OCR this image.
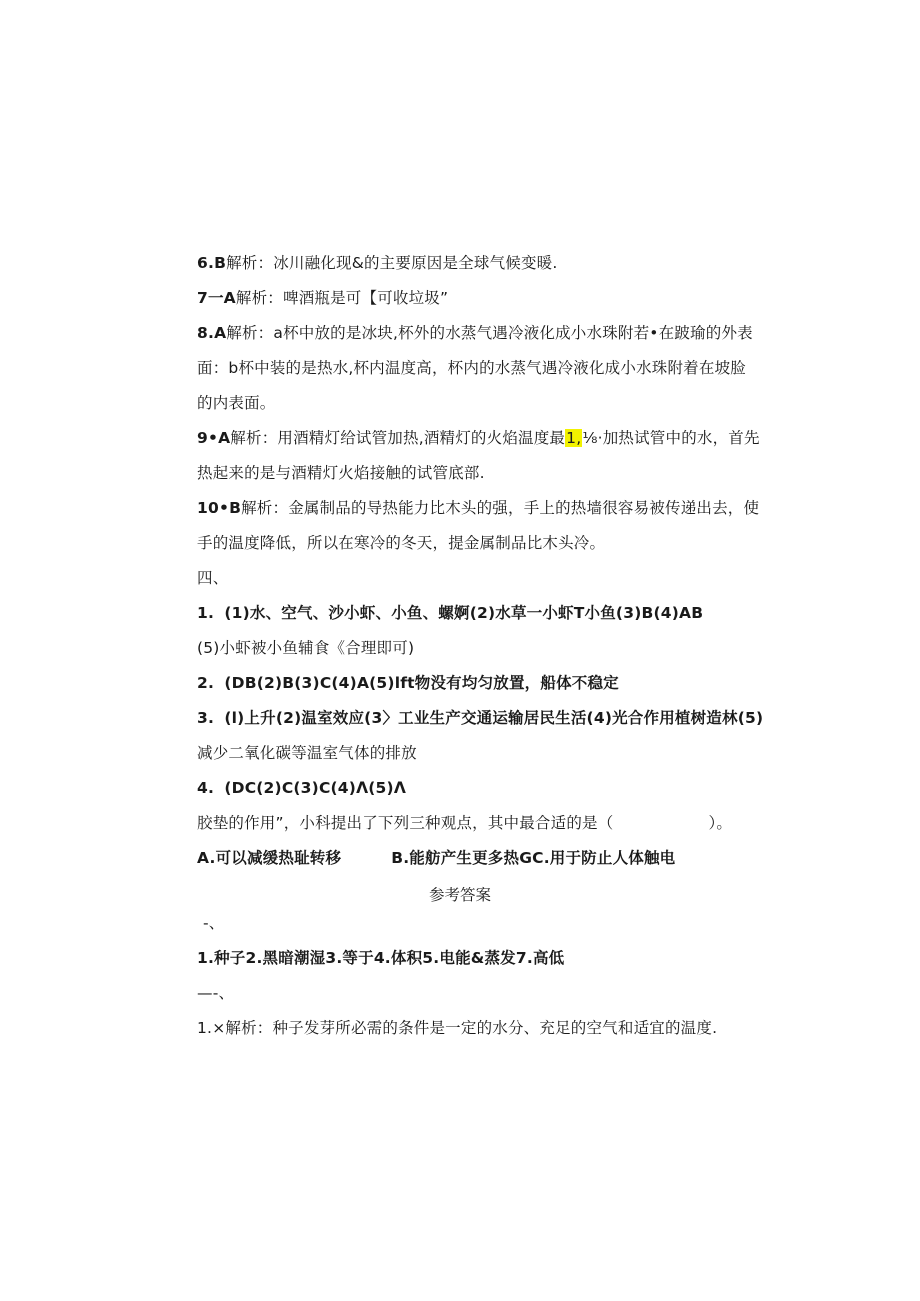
6.B解析：冰川融化现&的主要原因是全球气候变暖.
7一A解析：啤酒瓶是可【可收垃圾”
8.A解析：a杯中放的是冰块,杯外的水蒸气遇冷液化成小水珠附若•在跛瑜的外表
面：b杯中装的是热水,杯内温度高，杯内的水蒸气遇冷液化成小水珠附着在坡脸
的内表面。
9•A解析：用酒精灯给试管加热,酒精灯的火焰温度最1,⅛·加热试管中的水，首先
热起来的是与酒精灯火焰接触的试管底部.
10•B解析：金属制品的导热能力比木头的强，手上的热墙很容易被传递出去，使
手的温度降低，所以在寒冷的冬天，提金属制品比木头冷。
四、
1. (1)水、空气、沙小虾、小鱼、螺婀(2)水草一小虾T小鱼(3)B(4)AB
(5)小虾被小鱼辅食《合理即可)
2. (DB(2)B(3)C(4)A(5)lft物没有均匀放置，船体不稳定
3. (l)上升(2)温室效应(3〉工业生产交通运输居民生活(4)光合作用植树造林(5)
减少二氧化碳等温室气体的排放
4. (DC(2)C(3)C(4)Λ(5)Λ
胶垫的作用”，小科提出了下列三种观点，其中最合适的是（	）。
A.可以减缓热耻转移	B.能舫产生更多热GC.用于防止人体触电
参考答案
-、
1.种子2.黑暗潮湿3.等于4.体积5.电能&蒸发7.高低
—-、
1.×解析：种子发芽所必需的条件是一定的水分、充足的空气和适宜的温度.
